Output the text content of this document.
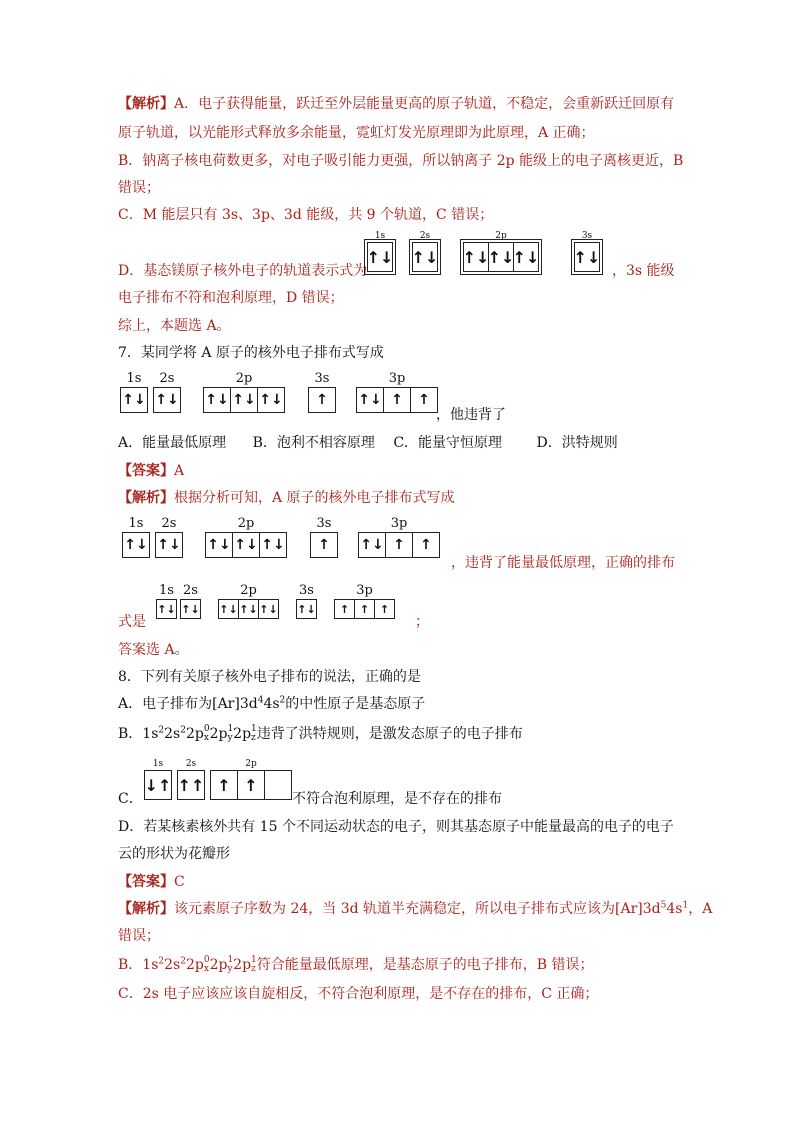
【解析】A．电子获得能量，跃迁至外层能量更高的原子轨道，不稳定，会重新跃迁回原有
原子轨道，以光能形式释放多余能量，霓虹灯发光原理即为此原理，A 正确；
B．钠离子核电荷数更多，对电子吸引能力更强，所以钠离子 2p 能级上的电子离核更近，B
错误；
C．M 能层只有 3s、3p、3d 能级，共 9 个轨道，C 错误；
D．基态镁原子核外电子的轨道表示式为
1s
↑↓
2s
↑↓
2p
↑↓
↑↓
↑↓
3s
↑↓
，3s 能级
电子排布不符和泡利原理，D 错误；
综上，本题选 A。
7．某同学将 A 原子的核外电子排布式写成
1s
↑↓
2s
↑↓
2p
↑↓ ↑↓ ↑↓
3s
↑
3p
↑↓ ↑	↑
，他违背了
A．能量最低原理 B．泡利不相容原理 C．能量守恒原理 D．洪特规则
【答案】A
【解析】根据分析可知，A 原子的核外电子排布式写成
1s
↑↓
2s
↑↓
2p
↑↓ ↑↓ ↑↓
3s
↑
3p
↑↓ ↑	↑
，违背了能量最低原理，正确的排布
式是
1s
↑↓
2s
↑↓
2p
↑↓ ↑↓ ↑↓
3s
↑↓
3p
↑ ↑ ↑
；
答案选 A。
8．下列有关原子核外电子排布的说法，正确的是
A．电子排布为$[Ar]3d^44s^2$的中性原子是基态原子
B．$1s^22s^22p$ 0
x 2p 1
y 2p 1
z 违背了洪特规则，是激发态原子的电子排布
C．
1s
↓↑
2s
↑↑
2p
↑ ↑
不符合泡利原理，是不存在的排布
D．若某核素核外共有 15 个不同运动状态的电子，则其基态原子中能量最高的电子的电子
云的形状为花瓣形
【答案】C
【解析】该元素原子序数为 24，当 3d 轨道半充满稳定，所以电子排布式应该为$[Ar]3d^54s^1$，A
错误；
B．$1s^22s^22p$ 0
x 2p 1
y 2p 1
z 符合能量最低原理，是基态原子的电子排布，B 错误；
C．2s 电子应该应该自旋相反，不符合泡利原理，是不存在的排布，C 正确；
